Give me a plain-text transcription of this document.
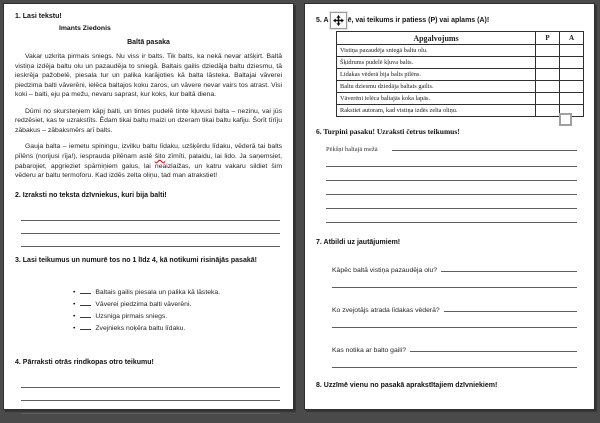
1. Lasi tekstu!
Imants Ziedonis
Baltā pasaka

Vakar uzkrita pirmais sniegs. Nu viss ir balts. Tik balts, ka nekā nevar atšķirt. Baltā vistiņa izdēja baltu olu un pazaudēja to sniegā. Baltais gailis dziedāja baltu dziesmu, tā ieskrēja pažobelē, piesala tur un palika karājoties kā balta lāsteka. Baltajai vāverei piedzima balti vāverēni, ielēca baltajos koku zaros, un vāvere nevar vairs tos atrast. Visi koki – balti, eju pa mežu, nevaru saprast, kur koks, kur baltā diena.

Dūmi no skursteņiem kāpj balti, un tintes pudelē tinte kļuvusi balta – nezinu, vai jūs redzēsiet, kas te uzrakstīts. Ēdam tikai baltu maizi un dzeram tikai baltu kafiju. Šorīt tīrīju zābakus – zābaksmērs arī balts.

Gauja balta – iemetu spiningu, izvilku baltu līdaku, uzšķērdu līdaku, vēderā tai balts pīlēns (norijusi rīja!), iesprauda pīlēnam astē šito zīmīti, palaidu, lai lido. Ja saņemsiet, pabarojiet, apgrieziet spārniņiem galus, lai neaizlaižas, un katru vakaru sildiet šim vēderu ar baltu termoforu. Kad izdēs zelta oliņu, tad man atrakstiet!

2. Izraksti no teksta dzīvniekus, kuri bija balti!
3. Lasi teikumus un numurē tos no 1 līdz 4, kā notikumi risinājās pasakā!
•	Baltais gailis piesala un palika kā lāsteka.
•	Vāverei piedzima balti vāverēni.
•	Uzsniga pirmais sniegs.
•	Zvejnieks noķēra baltu līdaku.
4. Pārraksti otrās rindkopas otro teikumu!
5. A	ē, vai teikums ir patiess (P) vai aplams (A)!
Apgalvojums	P	A
Vistiņa pazaudēja sniegā baltu olu.		
Šķidrums pudelē kļuva balts.		
Līdakas vēderā bija balts pīlēns.		
Baltu dziesmu dziedāja baltais gailis.		
Vāverēni ielēca baltajās koka lapās.		
Rakstiet autoram, kad vistiņa izdēs zelta oliņu.		
6. Turpini pasaku! Uzraksti četrus teikumus!
Pēkšņi baltajā mežā
7. Atbildi uz jautājumiem!
Kāpēc baltā vistiņa pazaudēja olu?
Ko zvejotājs atrada līdakas vēderā?
Kas notika ar balto gaili?
8. Uzzīmē vienu no pasakā aprakstītajiem dzīvniekiem!
